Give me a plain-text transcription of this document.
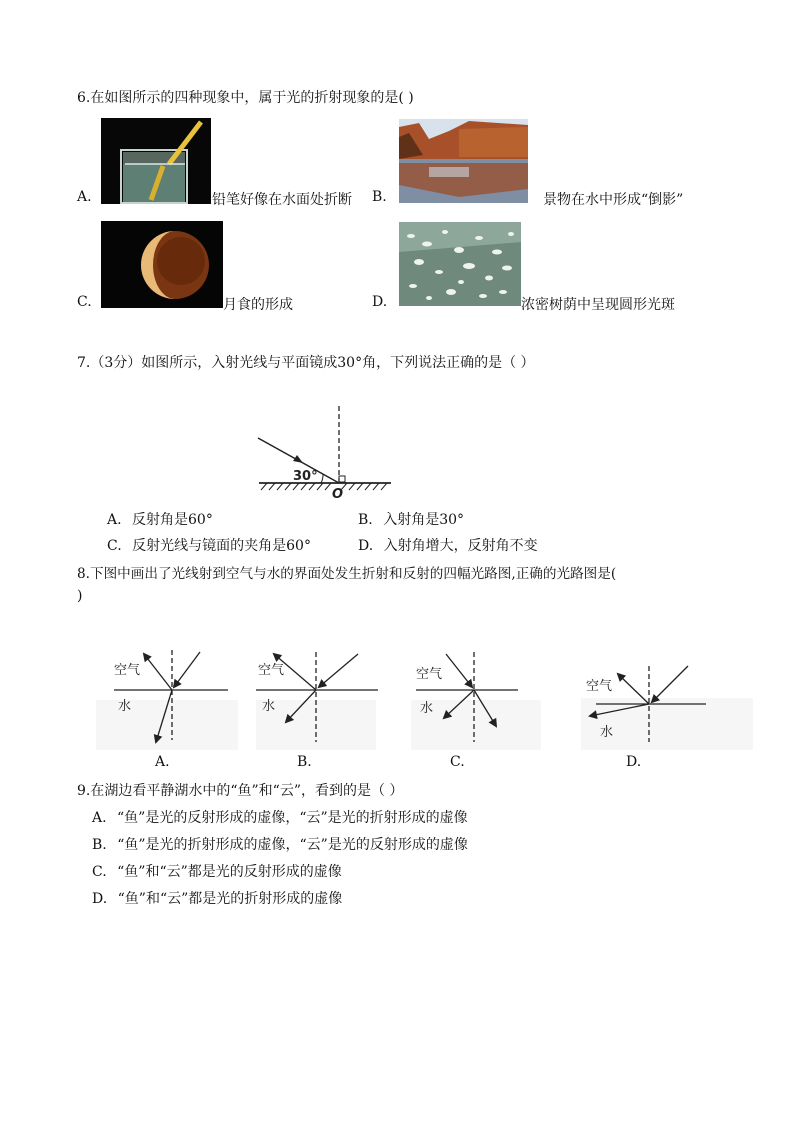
6.在如图所示的四种现象中，属于光的折射现象的是( )
A.	铅笔好像在水面处折断 B.	景物在水中形成“倒影”
C.	月食的形成	D.	浓密树荫中呈现圆形光斑
7.（3分）如图所示，入射光线与平面镜成30°角，下列说法正确的是（ ）
30°
O
A. 反射角是60°	B. 入射角是30°
C. 反射光线与镜面的夹角是60°	D. 入射角增大，反射角不变
8.下图中画出了光线射到空气与水的界面处发生折射和反射的四幅光路图,正确的光路图是(
)
空气
水
空气
水
空气
水
空气
水
A.	B.	C.	D.
9.在湖边看平静湖水中的“鱼”和“云”，看到的是（ ）
A. “鱼”是光的反射形成的虚像，“云”是光的折射形成的虚像
B. “鱼”是光的折射形成的虚像，“云”是光的反射形成的虚像
C. “鱼”和“云”都是光的反射形成的虚像
D. “鱼”和“云”都是光的折射形成的虚像
